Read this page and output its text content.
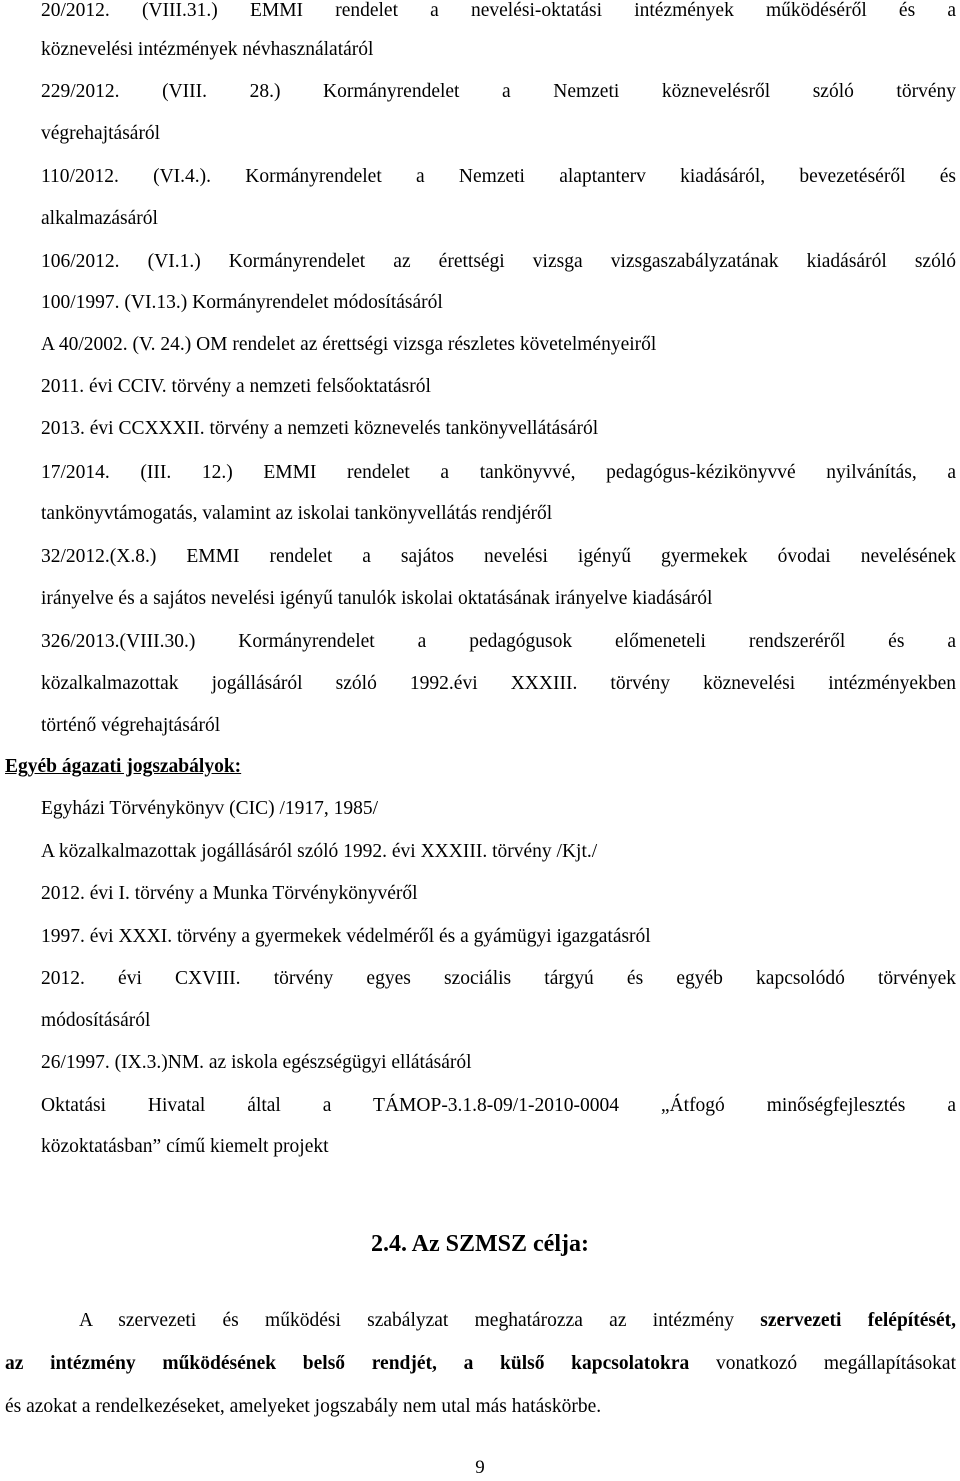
20/2012. (VIII.31.) EMMI rendelet a nevelési-oktatási intézmények működéséről és a
köznevelési intézmények névhasználatáról
229/2012. (VIII. 28.) Kormányrendelet a Nemzeti köznevelésről szóló törvény
végrehajtásáról
110/2012. (VI.4.). Kormányrendelet a Nemzeti alaptanterv kiadásáról, bevezetéséről és
alkalmazásáról
106/2012. (VI.1.) Kormányrendelet az érettségi vizsga vizsgaszabályzatának kiadásáról szóló
100/1997. (VI.13.) Kormányrendelet módosításáról
A 40/2002. (V. 24.) OM rendelet az érettségi vizsga részletes követelményeiről
2011. évi CCIV. törvény a nemzeti felsőoktatásról
2013. évi CCXXXII. törvény a nemzeti köznevelés tankönyvellátásáról
17/2014. (III. 12.) EMMI rendelet a tankönyvvé, pedagógus-kézikönyvvé nyilvánítás, a
tankönyvtámogatás, valamint az iskolai tankönyvellátás rendjéről
32/2012.(X.8.) EMMI rendelet a sajátos nevelési igényű gyermekek óvodai nevelésének
irányelve és a sajátos nevelési igényű tanulók iskolai oktatásának irányelve kiadásáról
326/2013.(VIII.30.) Kormányrendelet a pedagógusok előmeneteli rendszeréről és a
közalkalmazottak jogállásáról szóló 1992.évi XXXIII. törvény köznevelési intézményekben
történő végrehajtásáról
Egyéb ágazati jogszabályok:
Egyházi Törvénykönyv (CIC) /1917, 1985/
A közalkalmazottak jogállásáról szóló 1992. évi XXXIII. törvény /Kjt./
2012. évi I. törvény a Munka Törvénykönyvéről
1997. évi XXXI. törvény a gyermekek védelméről és a gyámügyi igazgatásról
2012. évi CXVIII. törvény egyes szociális tárgyú és egyéb kapcsolódó törvények
módosításáról
26/1997. (IX.3.)NM. az iskola egészségügyi ellátásáról
Oktatási Hivatal által a TÁMOP-3.1.8-09/1-2010-0004 „Átfogó minőségfejlesztés a
közoktatásban” című kiemelt projekt
2.4. Az SZMSZ célja:
A szervezeti és működési szabályzat meghatározza az intézmény szervezeti felépítését,
az intézmény működésének belső rendjét, a külső kapcsolatokra vonatkozó megállapításokat
és azokat a rendelkezéseket, amelyeket jogszabály nem utal más hatáskörbe.
9
